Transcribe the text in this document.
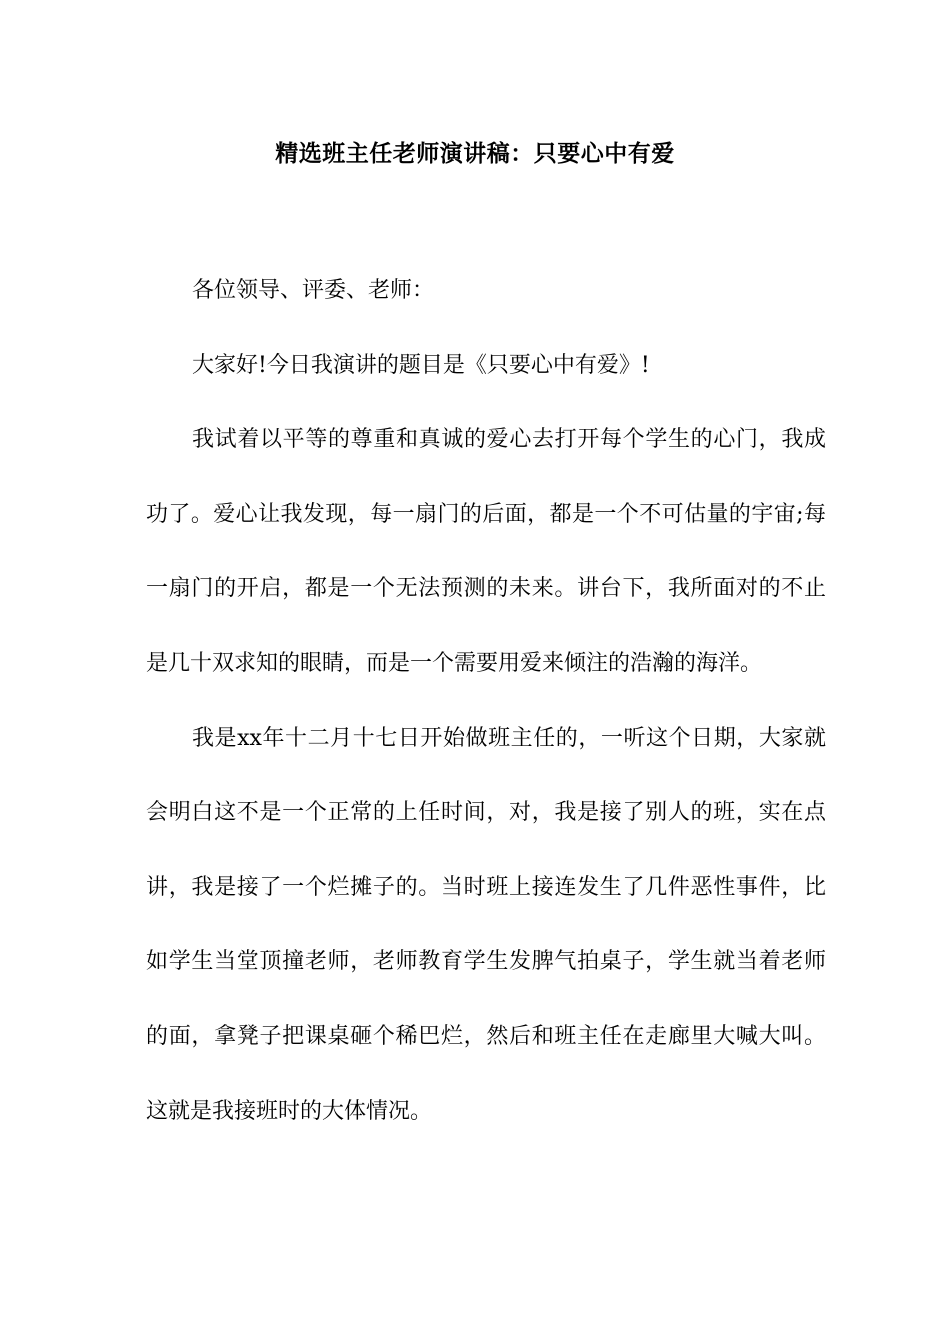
精选班主任老师演讲稿：只要心中有爱

各位领导、评委、老师：

大家好!今日我演讲的题目是《只要心中有爱》!

我试着以平等的尊重和真诚的爱心去打开每个学生的心门，我成功了。爱心让我发现，每一扇门的后面，都是一个不可估量的宇宙;每一扇门的开启，都是一个无法预测的未来。讲台下，我所面对的不止是几十双求知的眼睛，而是一个需要用爱来倾注的浩瀚的海洋。

我是xx年十二月十七日开始做班主任的，一听这个日期，大家就会明白这不是一个正常的上任时间，对，我是接了别人的班，实在点讲，我是接了一个烂摊子的。当时班上接连发生了几件恶性事件，比如学生当堂顶撞老师，老师教育学生发脾气拍桌子，学生就当着老师的面，拿凳子把课桌砸个稀巴烂，然后和班主任在走廊里大喊大叫。这就是我接班时的大体情况。
